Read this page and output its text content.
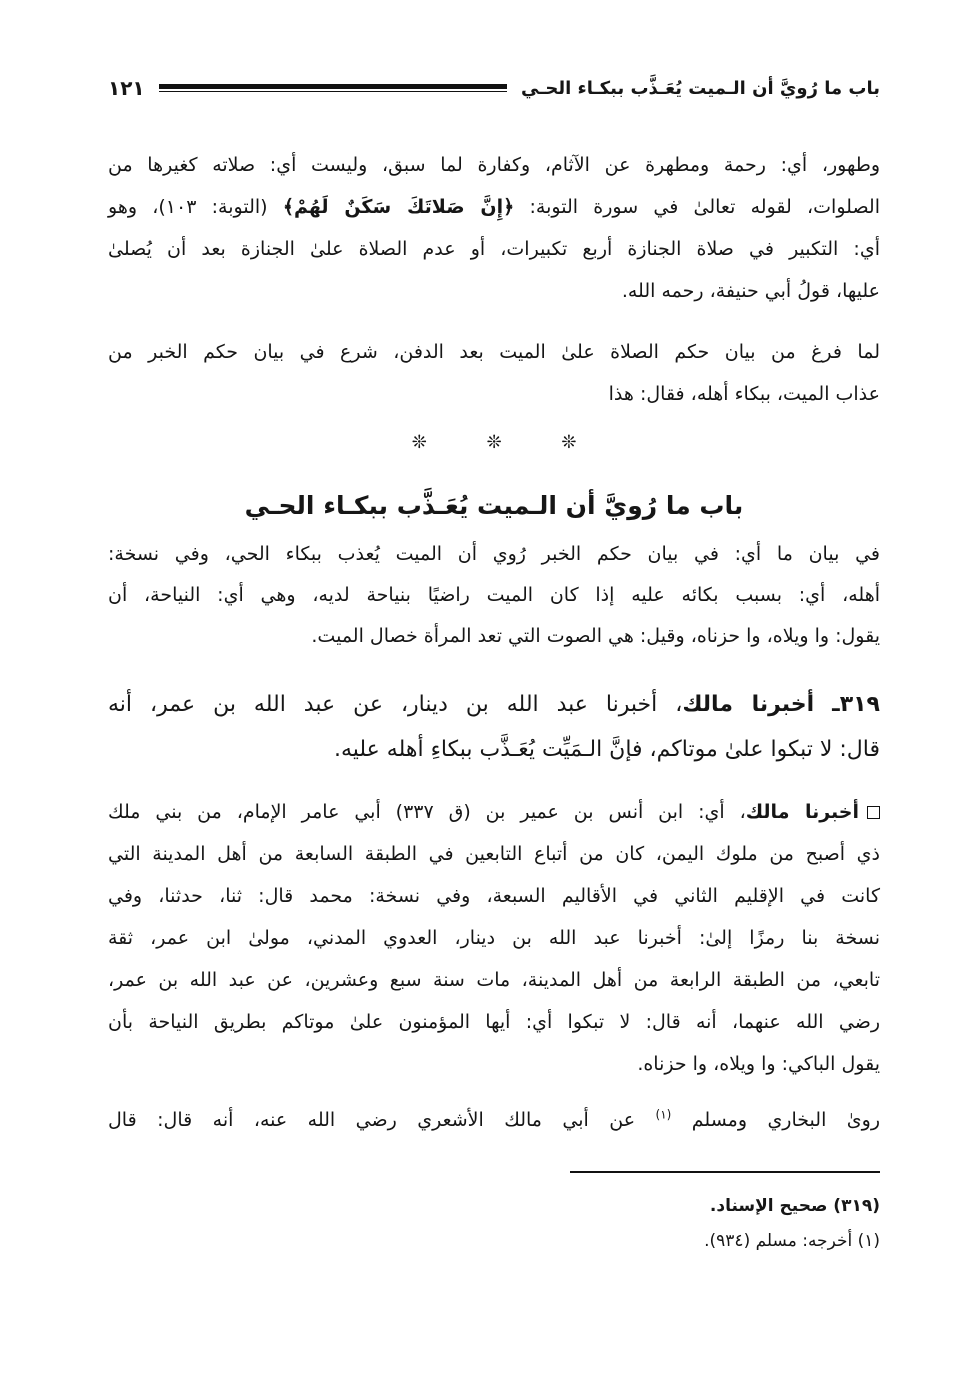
باب ما رُويَّ أن الـميت يُعَـذَّب ببكـاء الحـي
١٢١
وطهور، أي: رحمة ومطهرة عن الآثام، وكفارة لما سبق، وليست أي: صلاته كغيرها من
الصلوات، لقوله تعالىٰ في سورة التوبة: ﴿إِنَّ صَلاتَكَ سَكَنٌ لَهُمْ﴾ (التوبة: ١٠٣)، وهو
أي: التكبير في صلاة الجنازة أربع تكبيرات، أو عدم الصلاة علىٰ الجنازة بعد أن يُصلىٰ
عليها، قولُ أبي حنيفة، رحمه الله.
لما فرغ من بيان حكم الصلاة علىٰ الميت بعد الدفن، شرع في بيان حكم الخبر من
عذاب الميت، ببكاء أهله، فقال: هذا
❊ ❊ ❊
باب ما رُويَّ أن الـميت يُعَـذَّب ببكـاء الحـي
في بيان ما أي: في بيان حكم الخبر رُوي أن الميت يُعذب ببكاء الحي، وفي نسخة:
أهله، أي: بسبب بكائه عليه إذا كان الميت راضيًا بنياحة لديه، وهي أي: النياحة، أن
يقول: وا ويلاه، وا حزناه، وقيل: هي الصوت التي تعد المرأة خصال الميت.
٣١٩ـ أخبرنا مالك، أخبرنا عبد الله بن دينار، عن عبد الله بن عمر، أنه
قال: لا تبكوا علىٰ موتاكم، فإنَّ الـمَيِّت يُعَـذَّب ببكاءِ أهله عليه.
أخبرنا مالك، أي: ابن أنس بن عمير بن (ق ٣٣٧) أبي عامر الإمام، من بني ملك
ذي أصبح من ملوك اليمن، كان من أتباع التابعين في الطبقة السابعة من أهل المدينة التي
كانت في الإقليم الثاني في الأقاليم السبعة، وفي نسخة: محمد قال: ثنا، حدثنا، وفي
نسخة بنا رمزًا إلىٰ: أخبرنا عبد الله بن دينار، العدوي المدني، مولىٰ ابن عمر، ثقة
تابعي، من الطبقة الرابعة من أهل المدينة، مات سنة سبع وعشرين، عن عبد الله بن عمر،
رضي الله عنهما، أنه قال: لا تبكوا أي: أيها المؤمنون علىٰ موتاكم بطريق النياحة بأن
يقول الباكي: وا ويلاه، وا حزناه.
روىٰ البخاري ومسلم $^{(١)}$ عن أبي مالك الأشعري رضي الله عنه، أنه قال: قال
(٣١٩) صحيح الإسناد.
(١) أخرجه: مسلم (٩٣٤).
